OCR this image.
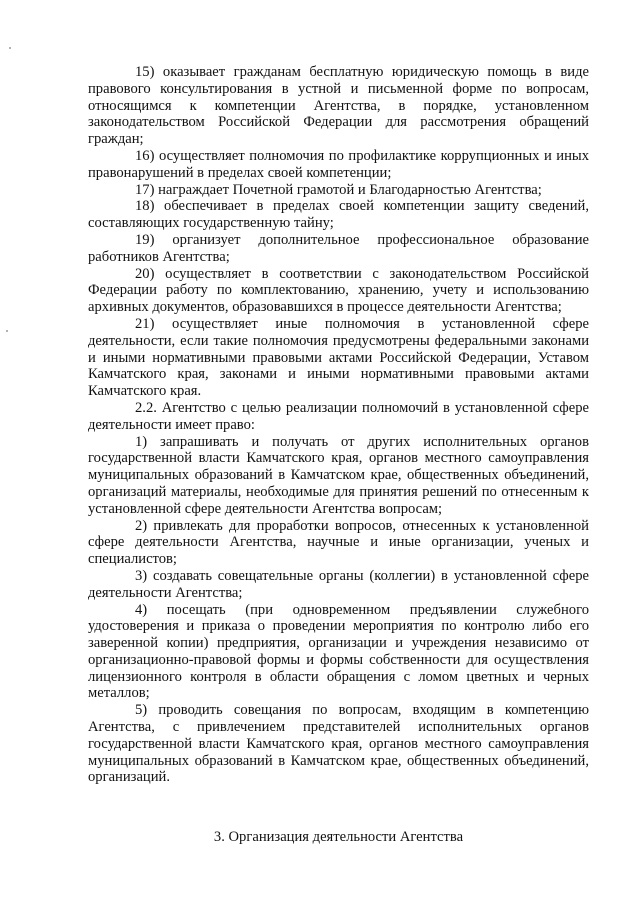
15) оказывает гражданам бесплатную юридическую помощь в виде правового консультирования в устной и письменной форме по вопросам, относящимся к компетенции Агентства, в порядке, установленном законодательством Российской Федерации для рассмотрения обращений граждан;

16) осуществляет полномочия по профилактике коррупционных и иных правонарушений в пределах своей компетенции;

17) награждает Почетной грамотой и Благодарностью Агентства;

18) обеспечивает в пределах своей компетенции защиту сведений, составляющих государственную тайну;

19) организует дополнительное профессиональное образование работников Агентства;

20) осуществляет в соответствии с законодательством Российской Федерации работу по комплектованию, хранению, учету и использованию архивных документов, образовавшихся в процессе деятельности Агентства;

21) осуществляет иные полномочия в установленной сфере деятельности, если такие полномочия предусмотрены федеральными законами и иными нормативными правовыми актами Российской Федерации, Уставом Камчатского края, законами и иными нормативными правовыми актами Камчатского края.

2.2. Агентство с целью реализации полномочий в установленной сфере деятельности имеет право:

1) запрашивать и получать от других исполнительных органов государственной власти Камчатского края, органов местного самоуправления муниципальных образований в Камчатском крае, общественных объединений, организаций материалы, необходимые для принятия решений по отнесенным к установленной сфере деятельности Агентства вопросам;

2) привлекать для проработки вопросов, отнесенных к установленной сфере деятельности Агентства, научные и иные организации, ученых и специалистов;

3) создавать совещательные органы (коллегии) в установленной сфере деятельности Агентства;

4) посещать (при одновременном предъявлении служебного удостоверения и приказа о проведении мероприятия по контролю либо его заверенной копии) предприятия, организации и учреждения независимо от организационно-правовой формы и формы собственности для осуществления лицензионного контроля в области обращения с ломом цветных и черных металлов;

5) проводить совещания по вопросам, входящим в компетенцию Агентства, с привлечением представителей исполнительных органов государственной власти Камчатского края, органов местного самоуправления муниципальных образований в Камчатском крае, общественных объединений, организаций.

3. Организация деятельности Агентства
